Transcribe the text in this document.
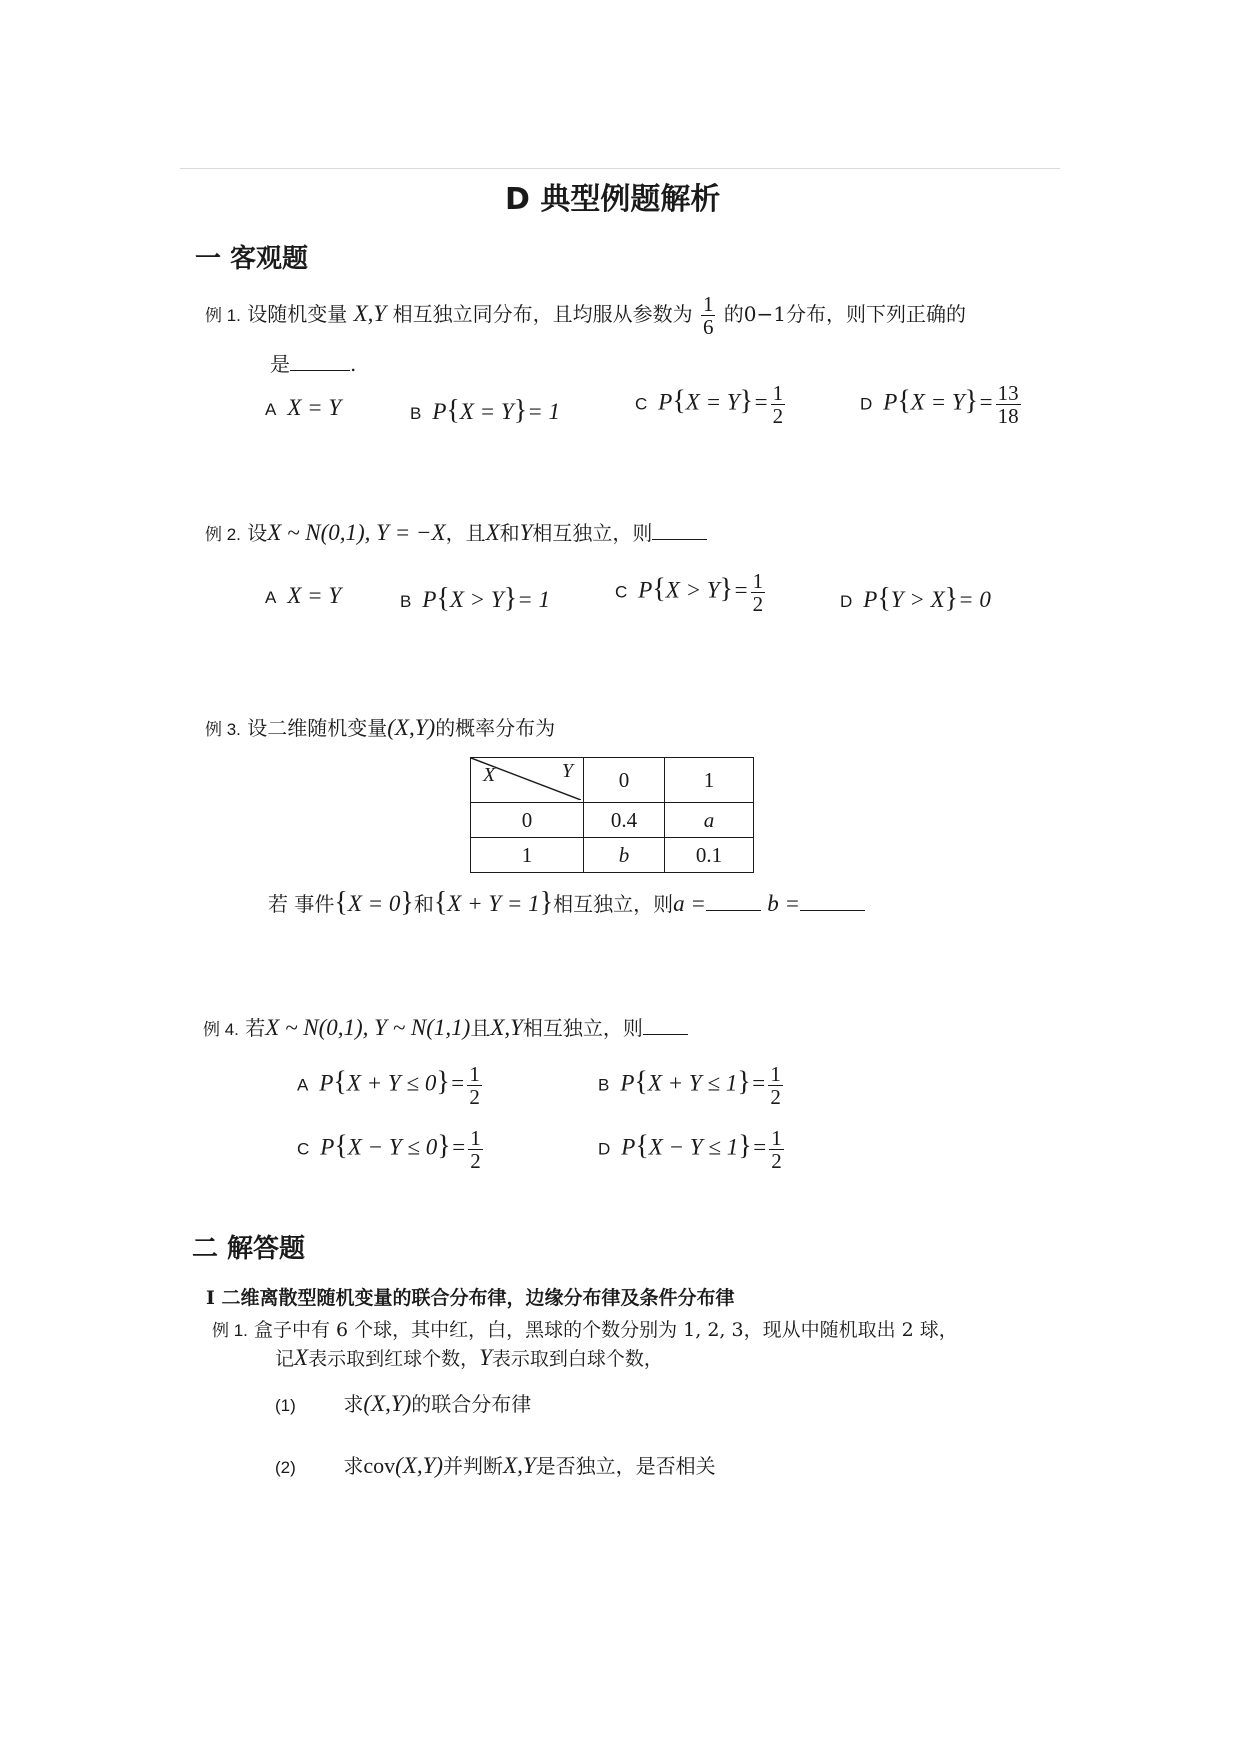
D 典型例题解析
一 客观题
例 1. 设随机变量 X,Y 相互独立同分布，且均服从参数为 $\frac{1}{6}$ 的0−1分布，则下列正确的
是	.
A X = Y	B P{X = Y}= 1	C $P\{X = Y\}= \frac{1}{2}$	D $P\{X = Y\}= \frac{13}{18}$
例 2. 设X ~ N(0,1), Y = −X，且X和Y相互独立，则
A X = Y	B P{X > Y}= 1	C $P\{X > Y\}= \frac{1}{2}$	D P{Y > X}= 0
例 3. 设二维随机变量(X,Y)的概率分布为
X Y	0	1
0	0.4	a
1	b	0.1
若 事件{X = 0}和{X + Y = 1}相互独立，则a =	b =
例 4. 若X ~ N(0,1), Y ~ N(1,1)且X,Y相互独立，则
A $P\{X + Y \le 0\}= \frac{1}{2}$	B $P\{X + Y \le 1\}= \frac{1}{2}$
C $P\{X - Y \le 0\}= \frac{1}{2}$	D $P\{X - Y \le 1\}= \frac{1}{2}$
二 解答题
I 二维离散型随机变量的联合分布律，边缘分布律及条件分布律
例 1. 盒子中有 6 个球，其中红，白，黑球的个数分别为 1, 2, 3，现从中随机取出 2 球，
记X表示取到红球个数，Y表示取到白球个数，
(1) 求(X,Y)的联合分布律
(2) 求cov(X,Y)并判断X,Y是否独立，是否相关
